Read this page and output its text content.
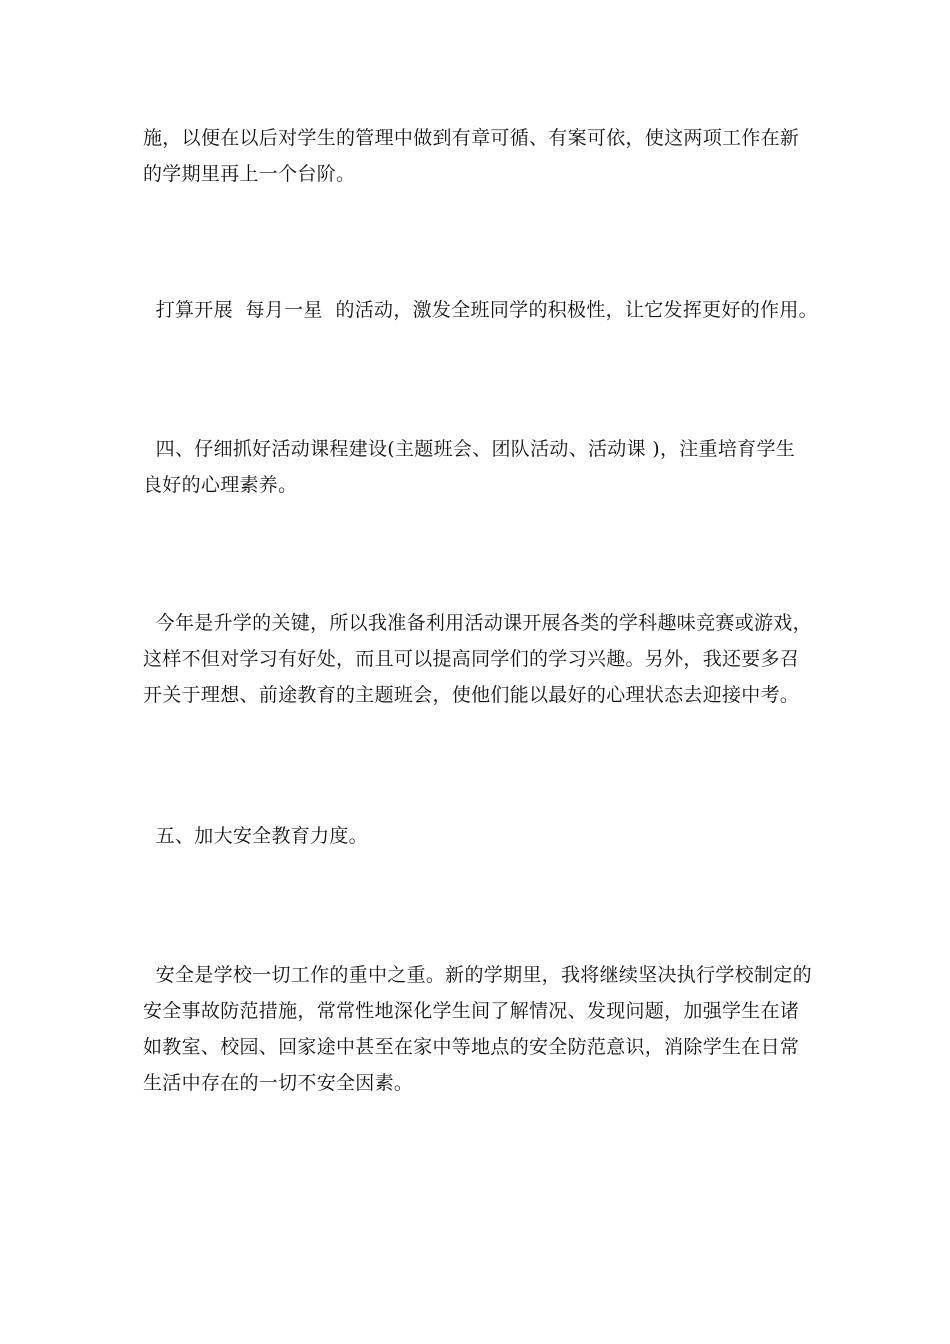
施，以便在以后对学生的管理中做到有章可循、有案可依，使这两项工作在新
的学期里再上一个台阶。

打算开展  每月一星  的活动，激发全班同学的积极性，让它发挥更好的作用。

四、仔细抓好活动课程建设(主题班会、团队活动、活动课 )，注重培育学生
良好的心理素养。

今年是升学的关键，所以我准备利用活动课开展各类的学科趣味竞赛或游戏，
这样不但对学习有好处，而且可以提高同学们的学习兴趣。另外，我还要多召
开关于理想、前途教育的主题班会，使他们能以最好的心理状态去迎接中考。

五、加大安全教育力度。

安全是学校一切工作的重中之重。新的学期里，我将继续坚决执行学校制定的
安全事故防范措施，常常性地深化学生间了解情况、发现问题，加强学生在诸
如教室、校园、回家途中甚至在家中等地点的安全防范意识，消除学生在日常
生活中存在的一切不安全因素。
